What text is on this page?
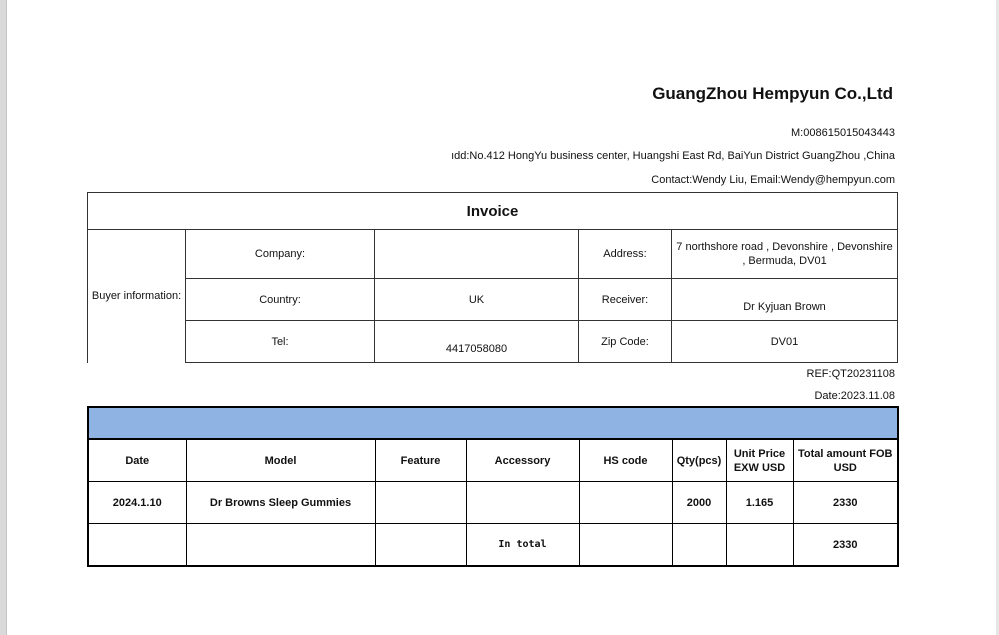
GuangZhou Hempyun Co.,Ltd
M:008615015043443
ıdd:No.412 HongYu business center, Huangshi East Rd, BaiYun District GuangZhou ,China
Contact:Wendy Liu, Email:Wendy@hempyun.com
Invoice				
Buyer information:	Company:		Address:	7 northshore road , Devonshire , Devonshire , Bermuda, DV01
	Country:	UK	Receiver:	Dr Kyjuan Brown
	Tel:	4417058080	Zip Code:	DV01
REF:QT20231108
Date:2023.11.08

Date	Model	Feature	Accessory	HS code	Qty(pcs)	Unit Price EXW USD	Total amount FOB USD
2024.1.10	Dr Browns Sleep Gummies				2000	1.165	2330
			In total				2330
